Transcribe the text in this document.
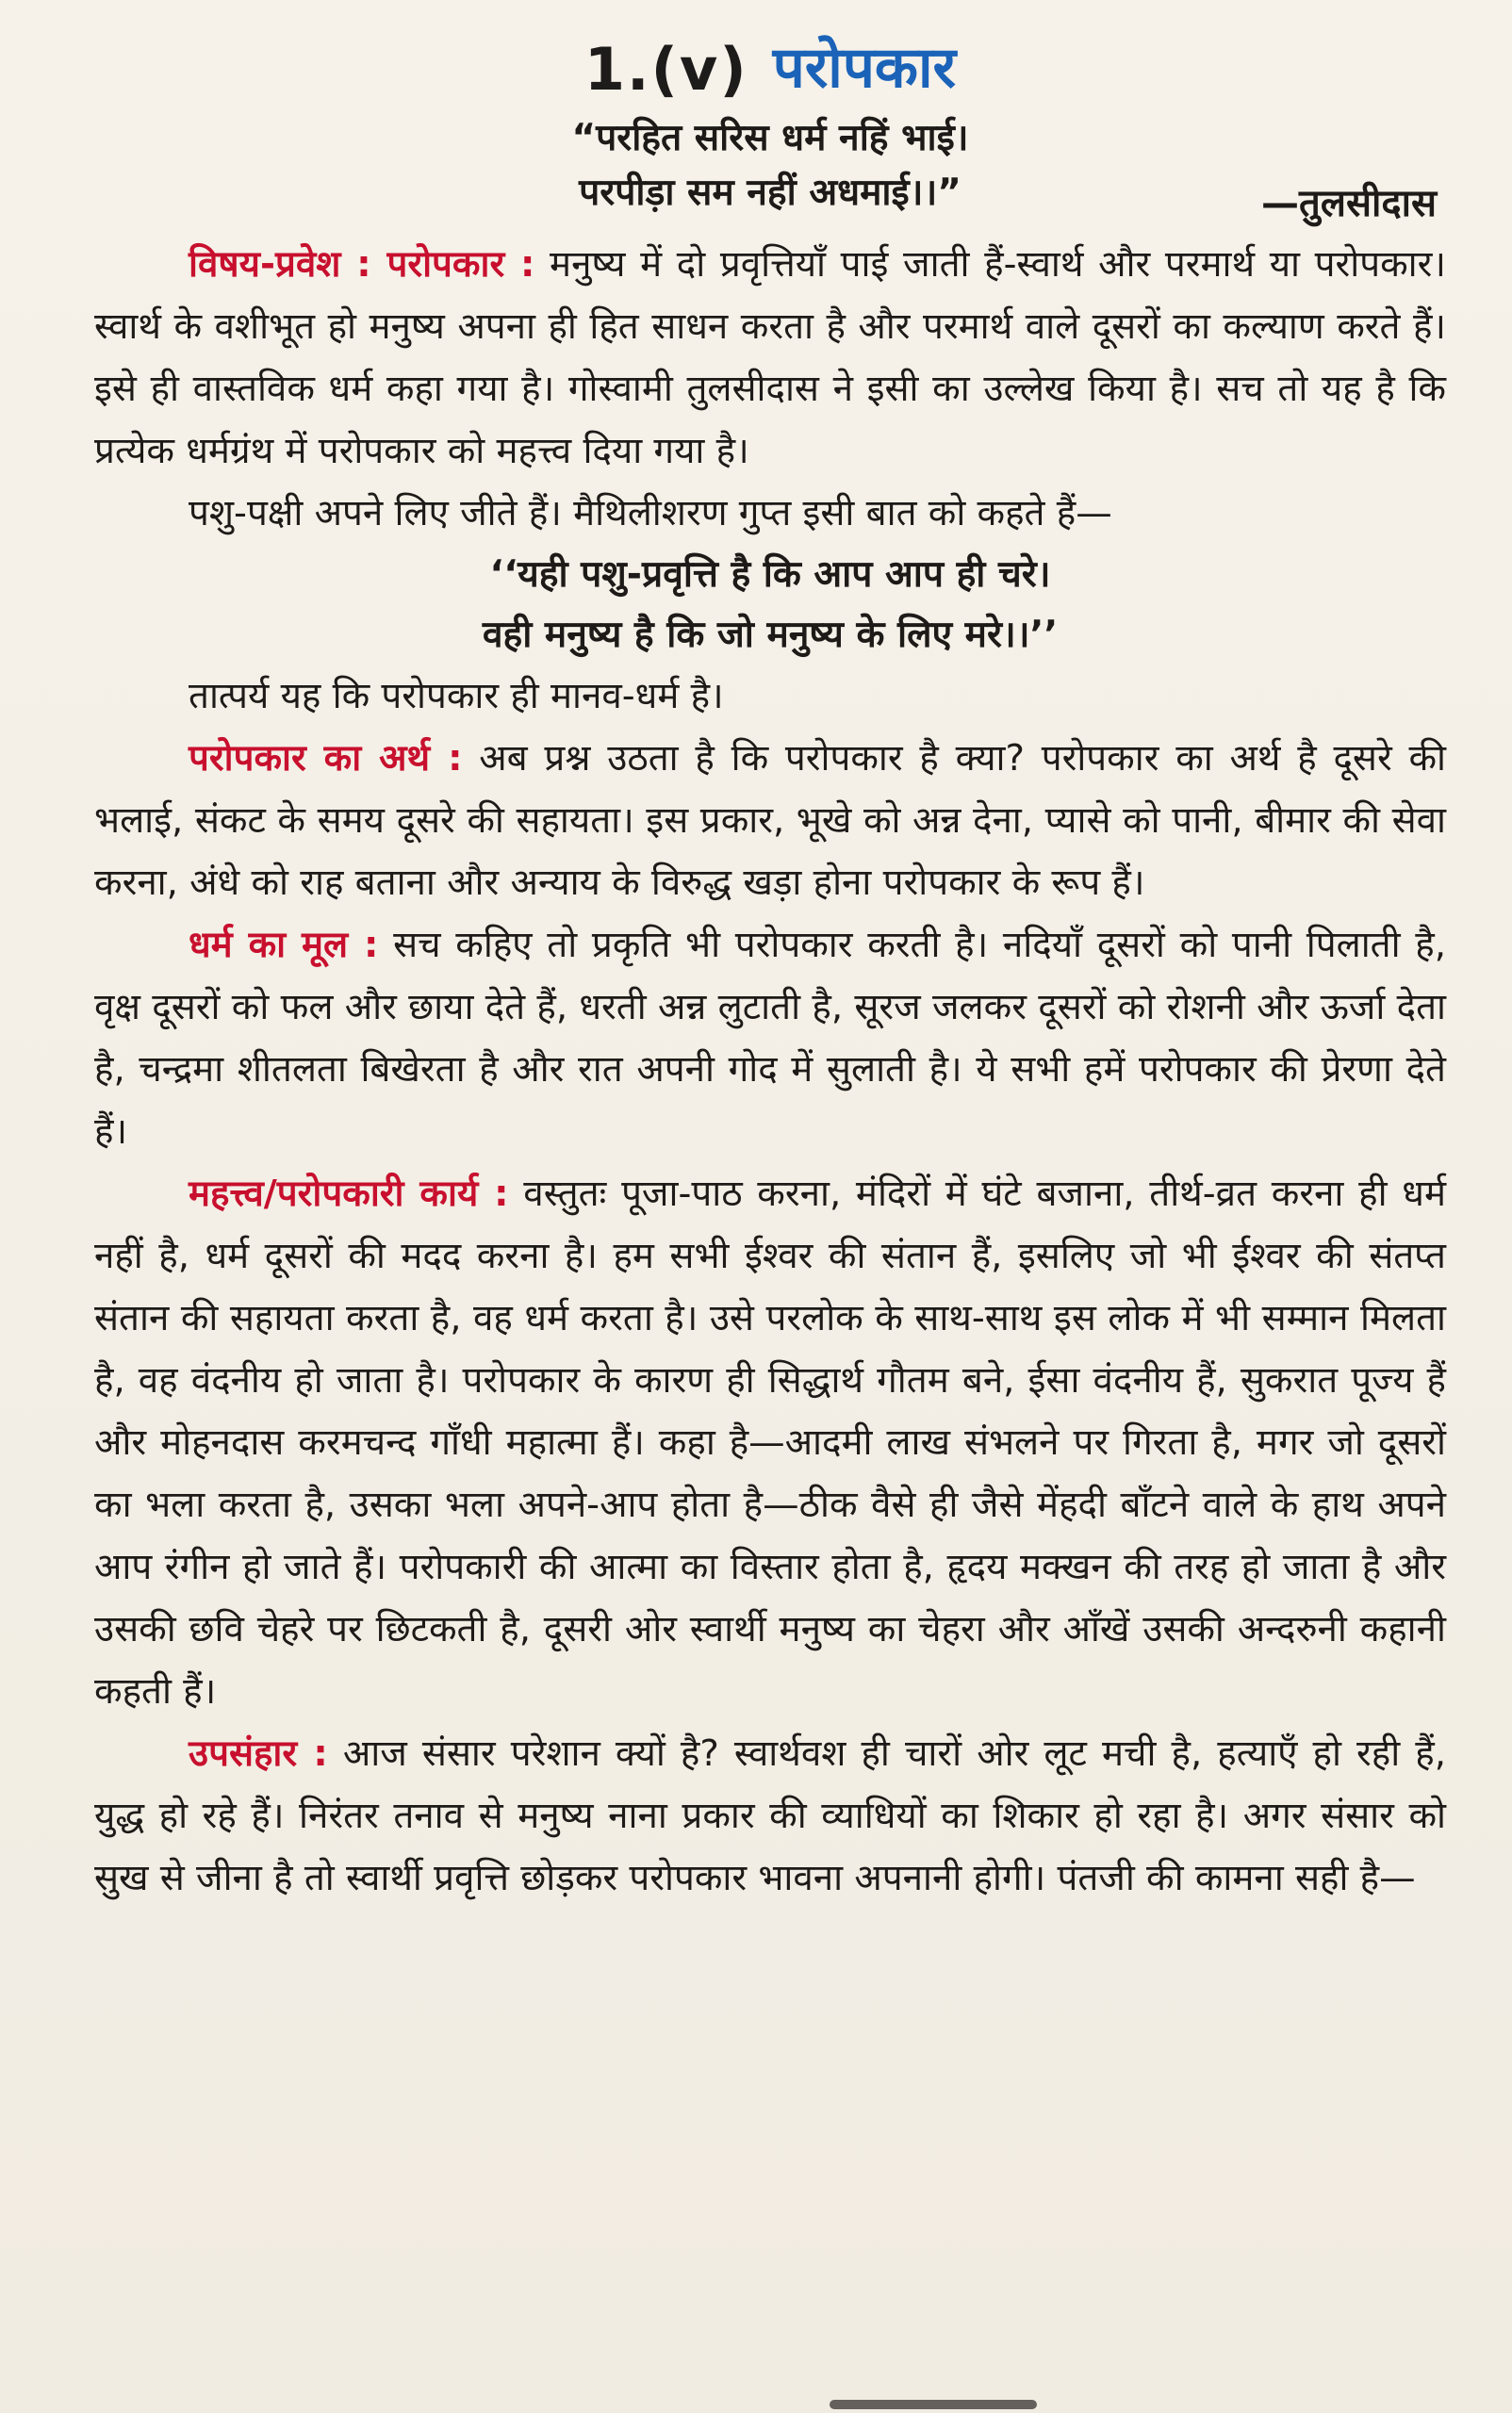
1.(v) परोपकार
“परहित सरिस धर्म नहिं भाई।
परपीड़ा सम नहीं अधमाई।।”	—तुलसीदास

विषय-प्रवेश : परोपकार : मनुष्य में दो प्रवृत्तियाँ पाई जाती हैं-स्वार्थ और परमार्थ या परोपकार। स्वार्थ के वशीभूत हो मनुष्य अपना ही हित साधन करता है और परमार्थ वाले दूसरों का कल्याण करते हैं। इसे ही वास्तविक धर्म कहा गया है। गोस्वामी तुलसीदास ने इसी का उल्लेख किया है। सच तो यह है कि प्रत्येक धर्मग्रंथ में परोपकार को महत्त्व दिया गया है।

पशु-पक्षी अपने लिए जीते हैं। मैथिलीशरण गुप्त इसी बात को कहते हैं—

‘‘यही पशु-प्रवृत्ति है कि आप आप ही चरे।
वही मनुष्य है कि जो मनुष्य के लिए मरे।।’’

तात्पर्य यह कि परोपकार ही मानव-धर्म है।

परोपकार का अर्थ : अब प्रश्न उठता है कि परोपकार है क्या? परोपकार का अर्थ है दूसरे की भलाई, संकट के समय दूसरे की सहायता। इस प्रकार, भूखे को अन्न देना, प्यासे को पानी, बीमार की सेवा करना, अंधे को राह बताना और अन्याय के विरुद्ध खड़ा होना परोपकार के रूप हैं।

धर्म का मूल : सच कहिए तो प्रकृति भी परोपकार करती है। नदियाँ दूसरों को पानी पिलाती है, वृक्ष दूसरों को फल और छाया देते हैं, धरती अन्न लुटाती है, सूरज जलकर दूसरों को रोशनी और ऊर्जा देता है, चन्द्रमा शीतलता बिखेरता है और रात अपनी गोद में सुलाती है। ये सभी हमें परोपकार की प्रेरणा देते हैं।

महत्त्व/परोपकारी कार्य : वस्तुतः पूजा-पाठ करना, मंदिरों में घंटे बजाना, तीर्थ-व्रत करना ही धर्म नहीं है, धर्म दूसरों की मदद करना है। हम सभी ईश्वर की संतान हैं, इसलिए जो भी ईश्वर की संतप्त संतान की सहायता करता है, वह धर्म करता है। उसे परलोक के साथ-साथ इस लोक में भी सम्मान मिलता है, वह वंदनीय हो जाता है। परोपकार के कारण ही सिद्धार्थ गौतम बने, ईसा वंदनीय हैं, सुकरात पूज्य हैं और मोहनदास करमचन्द गाँधी महात्मा हैं। कहा है—आदमी लाख संभलने पर गिरता है, मगर जो दूसरों का भला करता है, उसका भला अपने-आप होता है—ठीक वैसे ही जैसे मेंहदी बाँटने वाले के हाथ अपने आप रंगीन हो जाते हैं। परोपकारी की आत्मा का विस्तार होता है, हृदय मक्खन की तरह हो जाता है और उसकी छवि चेहरे पर छिटकती है, दूसरी ओर स्वार्थी मनुष्य का चेहरा और आँखें उसकी अन्दरुनी कहानी कहती हैं।

उपसंहार : आज संसार परेशान क्यों है? स्वार्थवश ही चारों ओर लूट मची है, हत्याएँ हो रही हैं, युद्ध हो रहे हैं। निरंतर तनाव से मनुष्य नाना प्रकार की व्याधियों का शिकार हो रहा है। अगर संसार को सुख से जीना है तो स्वार्थी प्रवृत्ति छोड़कर परोपकार भावना अपनानी होगी। पंतजी की कामना सही है—
